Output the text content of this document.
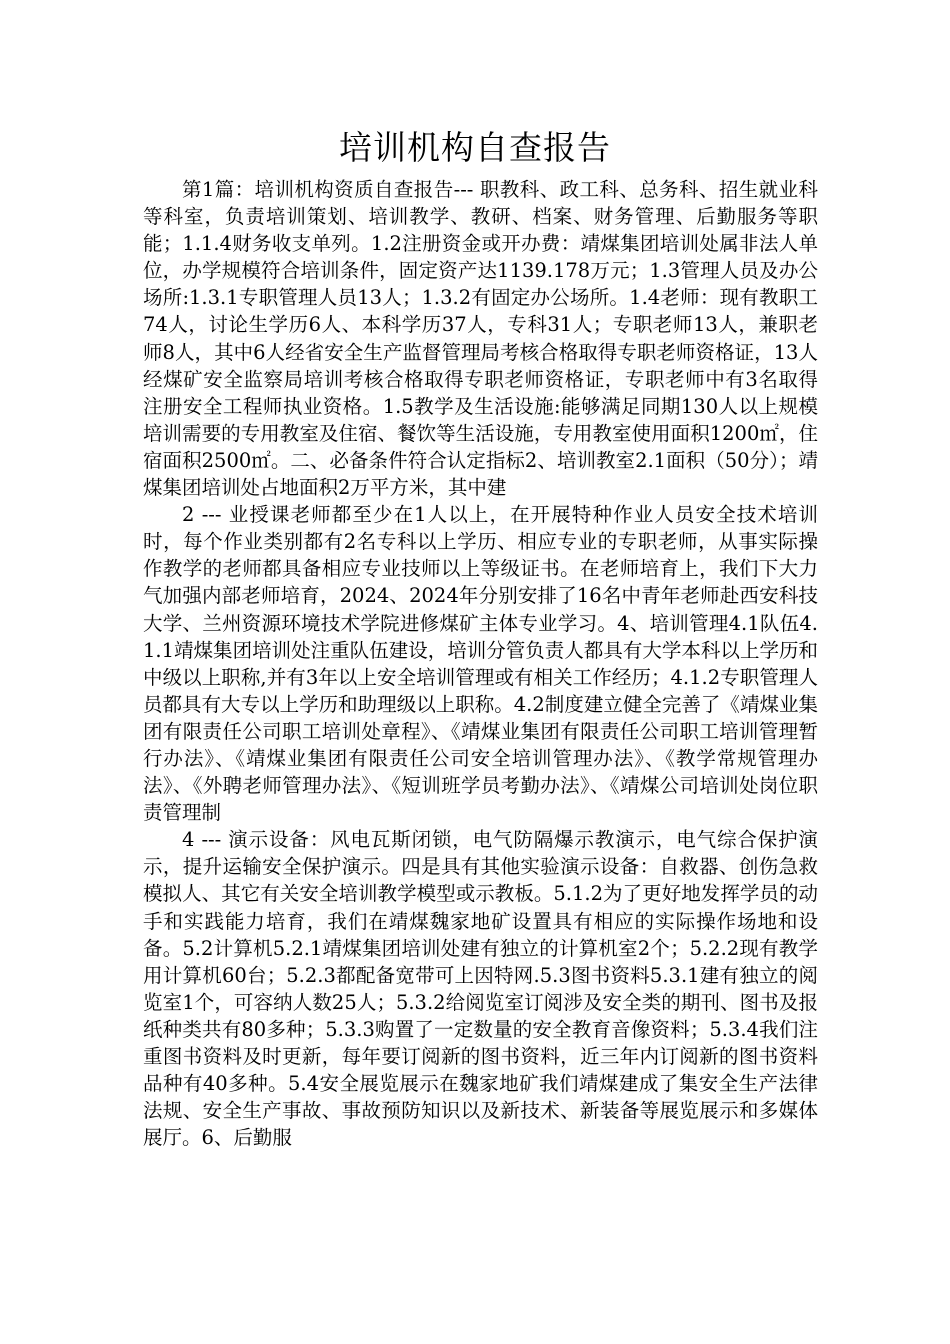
培训机构自查报告

第1篇：培训机构资质自查报告--- 职教科、政工科、总务科、招生就业科等科室，负责培训策划、培训教学、教研、档案、财务管理、后勤服务等职能；1.1.4财务收支单列。1.2注册资金或开办费：靖煤集团培训处属非法人单位，办学规模符合培训条件，固定资产达1139.178万元；1.3管理人员及办公场所:1.3.1专职管理人员13人；1.3.2有固定办公场所。1.4老师：现有教职工74人，讨论生学历6人、本科学历37人，专科31人；专职老师13人，兼职老师8人，其中6人经省安全生产监督管理局考核合格取得专职老师资格证，13人经煤矿安全监察局培训考核合格取得专职老师资格证，专职老师中有3名取得注册安全工程师执业资格。1.5教学及生活设施:能够满足同期130人以上规模培训需要的专用教室及住宿、餐饮等生活设施，专用教室使用面积1200㎡，住宿面积2500㎡。二、必备条件符合认定指标2、培训教室2.1面积（50分）；靖煤集团培训处占地面积2万平方米，其中建

2 --- 业授课老师都至少在1人以上，在开展特种作业人员安全技术培训时，每个作业类别都有2名专科以上学历、相应专业的专职老师，从事实际操作教学的老师都具备相应专业技师以上等级证书。在老师培育上，我们下大力气加强内部老师培育，2024、2024年分别安排了16名中青年老师赴西安科技大学、兰州资源环境技术学院进修煤矿主体专业学习。4、培训管理4.1队伍4.1.1靖煤集团培训处注重队伍建设，培训分管负责人都具有大学本科以上学历和中级以上职称,并有3年以上安全培训管理或有相关工作经历；4.1.2专职管理人员都具有大专以上学历和助理级以上职称。4.2制度建立健全完善了《靖煤业集团有限责任公司职工培训处章程》、《靖煤业集团有限责任公司职工培训管理暂行办法》、《靖煤业集团有限责任公司安全培训管理办法》、《教学常规管理办法》、《外聘老师管理办法》、《短训班学员考勤办法》、《靖煤公司培训处岗位职责管理制

4 --- 演示设备：风电瓦斯闭锁，电气防隔爆示教演示，电气综合保护演示，提升运输安全保护演示。四是具有其他实验演示设备：自救器、创伤急救模拟人、其它有关安全培训教学模型或示教板。5.1.2为了更好地发挥学员的动手和实践能力培育，我们在靖煤魏家地矿设置具有相应的实际操作场地和设备。5.2计算机5.2.1靖煤集团培训处建有独立的计算机室2个；5.2.2现有教学用计算机60台；5.2.3都配备宽带可上因特网.5.3图书资料5.3.1建有独立的阅览室1个，可容纳人数25人；5.3.2给阅览室订阅涉及安全类的期刊、图书及报纸种类共有80多种；5.3.3购置了一定数量的安全教育音像资料；5.3.4我们注重图书资料及时更新，每年要订阅新的图书资料，近三年内订阅新的图书资料品种有40多种。5.4安全展览展示在魏家地矿我们靖煤建成了集安全生产法律法规、安全生产事故、事故预防知识以及新技术、新装备等展览展示和多媒体展厅。6、后勤服
